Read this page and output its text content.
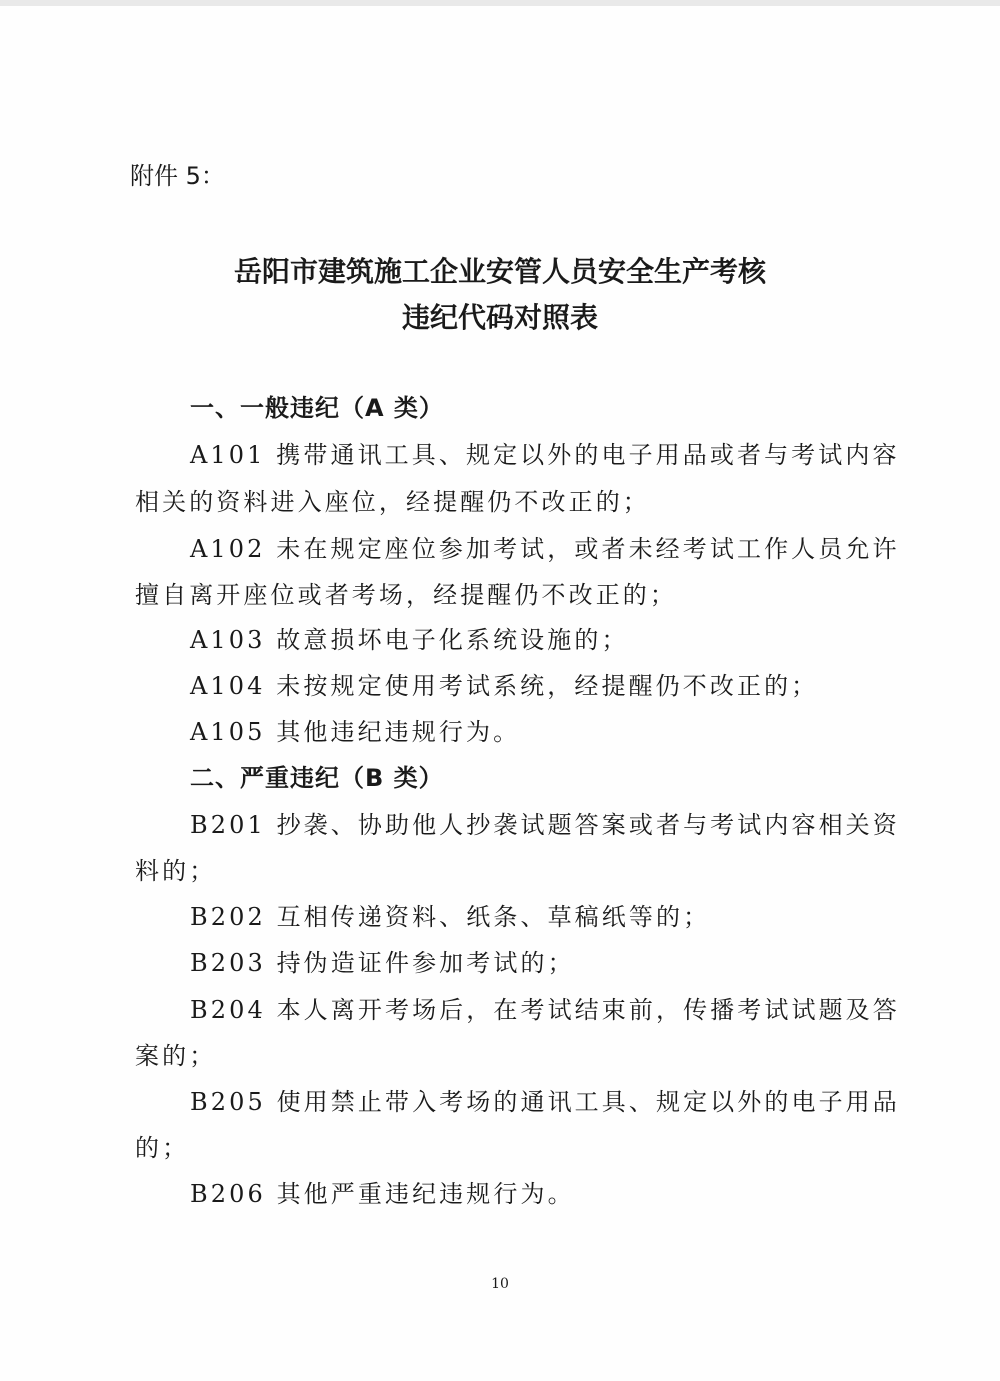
附件 5：
岳阳市建筑施工企业安管人员安全生产考核
违纪代码对照表
一、一般违纪（A 类）
A101 携带通讯工具、规定以外的电子用品或者与考试内容
相关的资料进入座位，经提醒仍不改正的；
A102 未在规定座位参加考试，或者未经考试工作人员允许
擅自离开座位或者考场，经提醒仍不改正的；
A103 故意损坏电子化系统设施的；
A104 未按规定使用考试系统，经提醒仍不改正的；
A105 其他违纪违规行为。
二、严重违纪（B 类）
B201 抄袭、协助他人抄袭试题答案或者与考试内容相关资
料的；
B202 互相传递资料、纸条、草稿纸等的；
B203 持伪造证件参加考试的；
B204 本人离开考场后，在考试结束前，传播考试试题及答
案的；
B205 使用禁止带入考场的通讯工具、规定以外的电子用品
的；
B206 其他严重违纪违规行为。
10
